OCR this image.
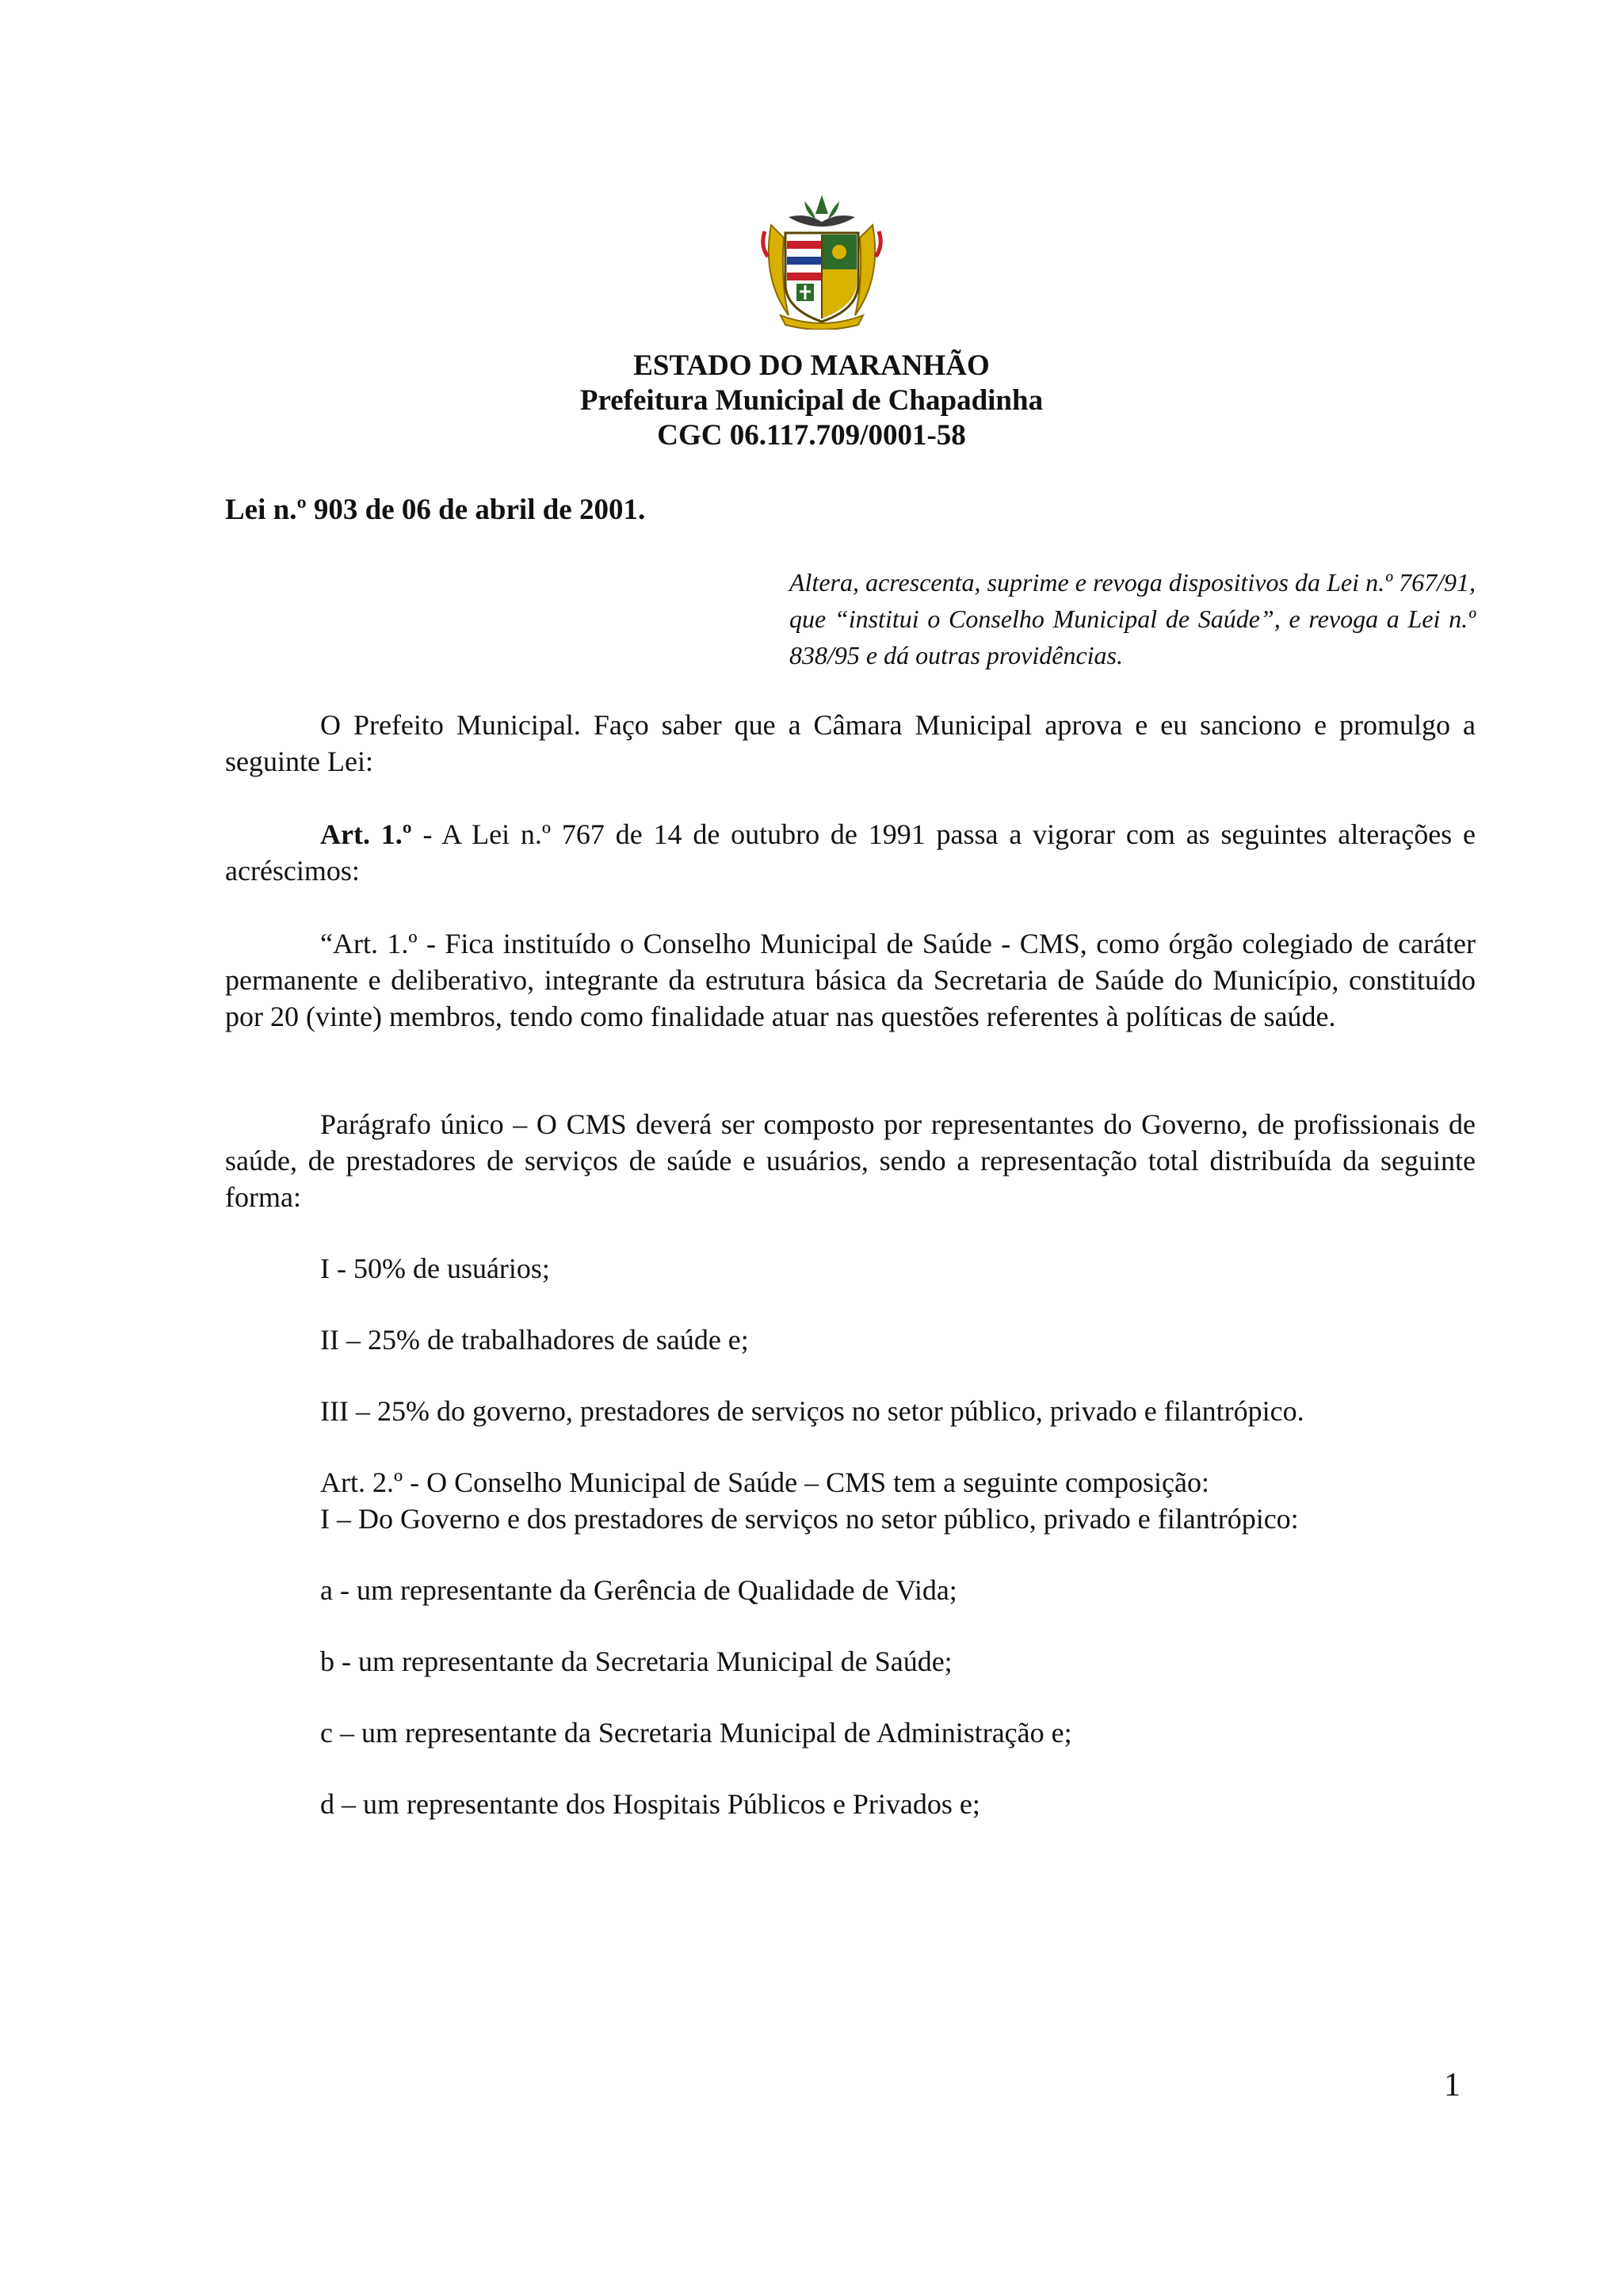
ESTADO DO MARANHÃO
Prefeitura Municipal de Chapadinha
CGC 06.117.709/0001-58
Lei n.º 903 de 06 de abril de 2001.
Altera, acrescenta, suprime e revoga dispositivos da Lei n.º 767/91, que “institui o Conselho Municipal de Saúde”, e revoga a Lei n.º 838/95 e dá outras providências.

O Prefeito Municipal. Faço saber que a Câmara Municipal aprova e eu sanciono e promulgo a seguinte Lei:

Art. 1.º - A Lei n.º 767 de 14 de outubro de 1991 passa a vigorar com as seguintes alterações e acréscimos:

“Art. 1.º - Fica instituído o Conselho Municipal de Saúde - CMS, como órgão colegiado de caráter permanente e deliberativo, integrante da estrutura básica da Secretaria de Saúde do Município, constituído por 20 (vinte) membros, tendo como finalidade atuar nas questões referentes à políticas de saúde.

Parágrafo único – O CMS deverá ser composto por representantes do Governo, de profissionais de saúde, de prestadores de serviços de saúde e usuários, sendo a representação total distribuída da seguinte forma:

I - 50% de usuários;
II – 25% de trabalhadores de saúde e;
III – 25% do governo, prestadores de serviços no setor público, privado e filantrópico.
Art. 2.º - O Conselho Municipal de Saúde – CMS tem a seguinte composição:
I – Do Governo e dos prestadores de serviços no setor público, privado e filantrópico:
a - um representante da Gerência de Qualidade de Vida;
b - um representante da Secretaria Municipal de Saúde;
c – um representante da Secretaria Municipal de Administração e;
d – um representante dos Hospitais Públicos e Privados e;
1
